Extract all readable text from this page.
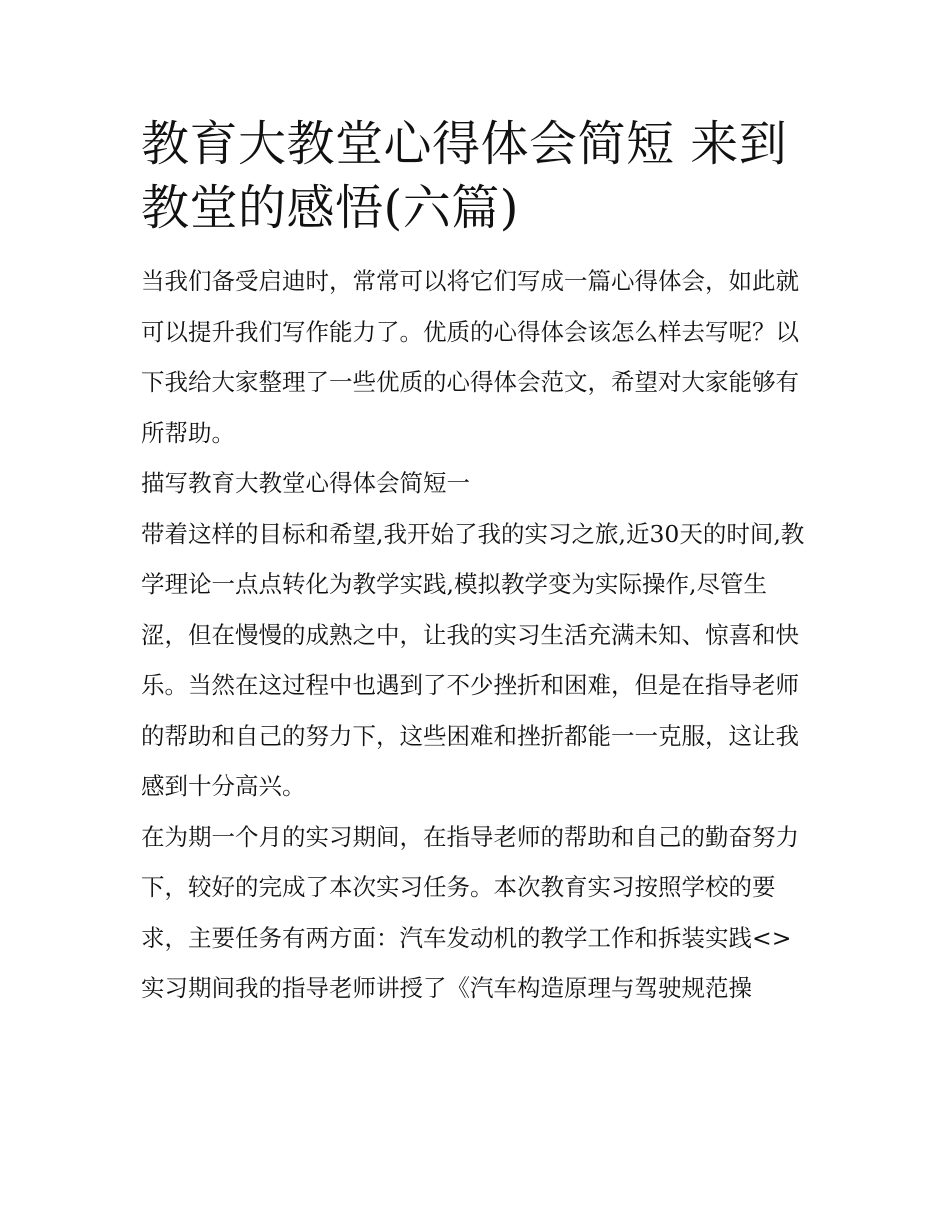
教育大教堂心得体会简短 来到教堂的感悟(六篇)

当我们备受启迪时，常常可以将它们写成一篇心得体会，如此就可以提升我们写作能力了。优质的心得体会该怎么样去写呢？以下我给大家整理了一些优质的心得体会范文，希望对大家能够有所帮助。

描写教育大教堂心得体会简短一

带着这样的目标和希望,我开始了我的实习之旅,近30天的时间,教学理论一点点转化为教学实践,模拟教学变为实际操作,尽管生涩，但在慢慢的成熟之中，让我的实习生活充满未知、惊喜和快乐。当然在这过程中也遇到了不少挫折和困难，但是在指导老师的帮助和自己的努力下，这些困难和挫折都能一一克服，这让我感到十分高兴。

在为期一个月的实习期间，在指导老师的帮助和自己的勤奋努力下，较好的完成了本次实习任务。本次教育实习按照学校的要求，主要任务有两方面：汽车发动机的教学工作和拆装实践<>

实习期间我的指导老师讲授了《汽车构造原理与驾驶规范操
